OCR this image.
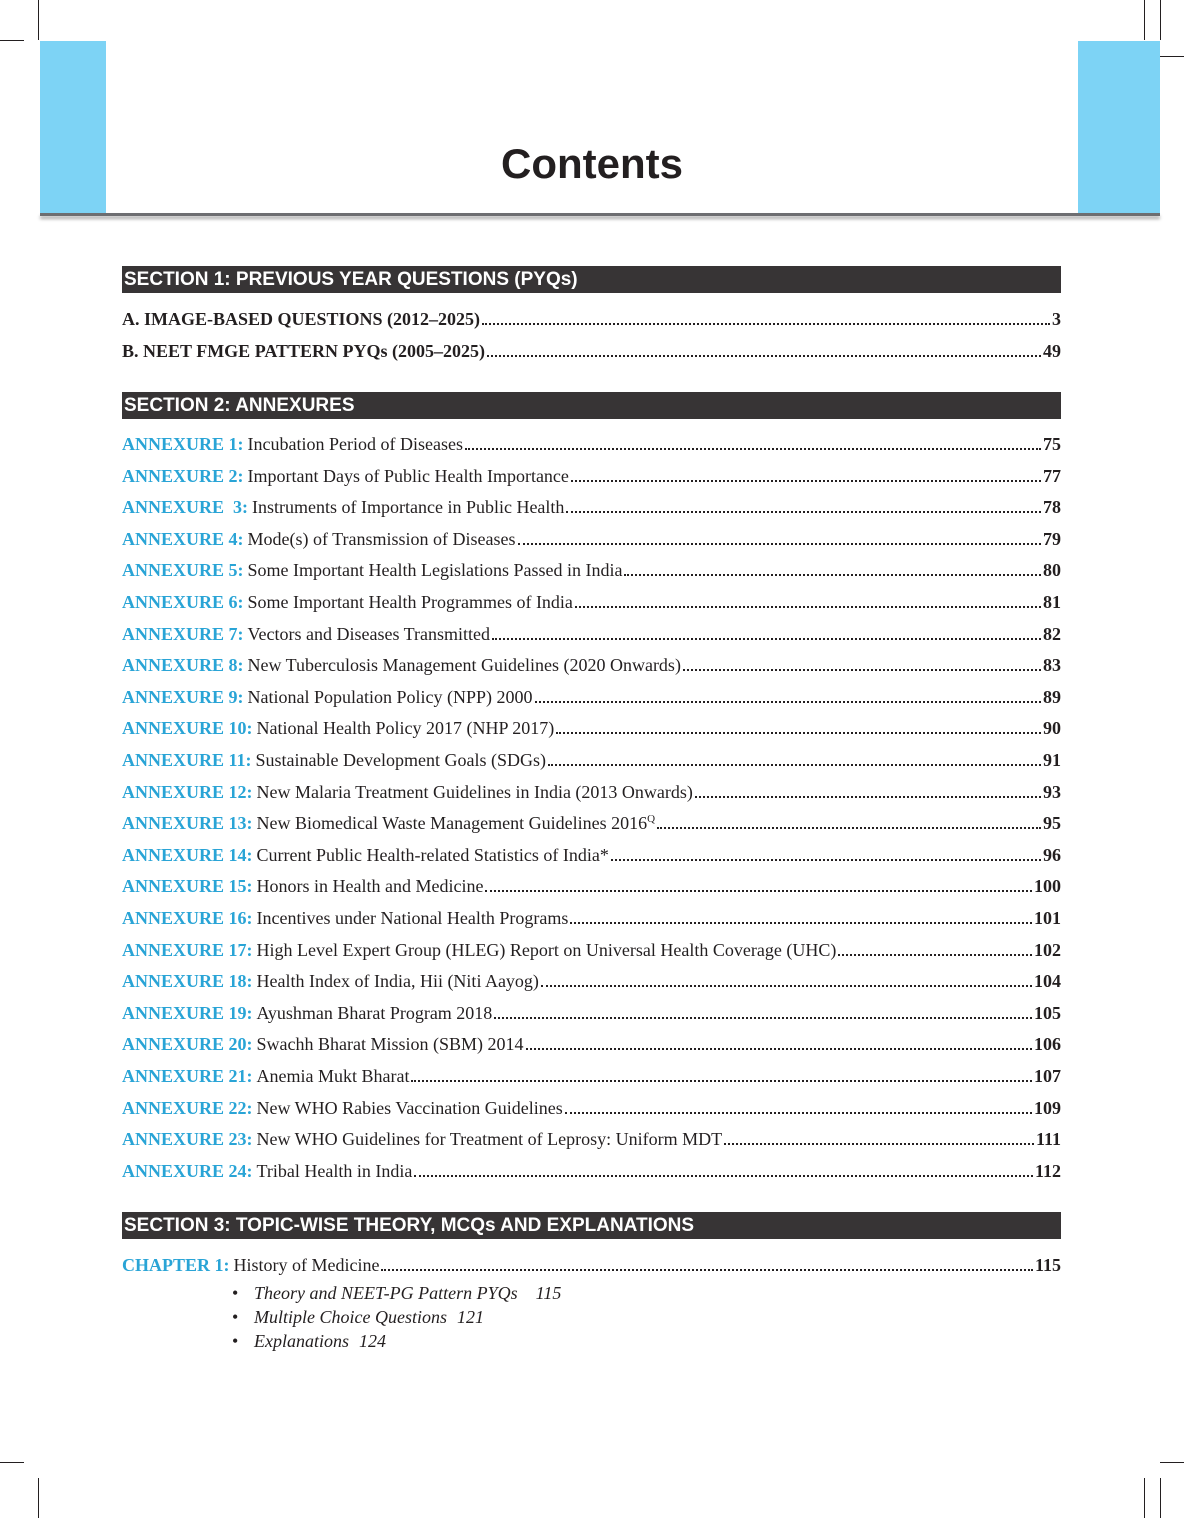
Contents
SECTION 1: PREVIOUS YEAR QUESTIONS (PYQs)
A. IMAGE-BASED QUESTIONS (2012–2025)	3
B. NEET FMGE PATTERN PYQs (2005–2025)	49
SECTION 2: ANNEXURES
ANNEXURE 1: Incubation Period of Diseases	75
ANNEXURE 2: Important Days of Public Health Importance	77
ANNEXURE  3: Instruments of Importance in Public Health	78
ANNEXURE 4: Mode(s) of Transmission of Diseases	79
ANNEXURE 5: Some Important Health Legislations Passed in India	80
ANNEXURE 6: Some Important Health Programmes of India	81
ANNEXURE 7: Vectors and Diseases Transmitted	82
ANNEXURE 8: New Tuberculosis Management Guidelines (2020 Onwards)	83
ANNEXURE 9: National Population Policy (NPP) 2000	89
ANNEXURE 10: National Health Policy 2017 (NHP 2017)	90
ANNEXURE 11: Sustainable Development Goals (SDGs)	91
ANNEXURE 12: New Malaria Treatment Guidelines in India (2013 Onwards)	93
ANNEXURE 13: New Biomedical Waste Management Guidelines 2016 Q	95
ANNEXURE 14: Current Public Health-related Statistics of India*	96
ANNEXURE 15: Honors in Health and Medicine	100
ANNEXURE 16: Incentives under National Health Programs	101
ANNEXURE 17: High Level Expert Group (HLEG) Report on Universal Health Coverage (UHC)	102
ANNEXURE 18: Health Index of India, Hii (Niti Aayog)	104
ANNEXURE 19: Ayushman Bharat Program 2018	105
ANNEXURE 20: Swachh Bharat Mission (SBM) 2014	106
ANNEXURE 21: Anemia Mukt Bharat	107
ANNEXURE 22: New WHO Rabies Vaccination Guidelines	109
ANNEXURE 23: New WHO Guidelines for Treatment of Leprosy: Uniform MDT	111
ANNEXURE 24: Tribal Health in India	112
SECTION 3: TOPIC-WISE THEORY, MCQs AND EXPLANATIONS
CHAPTER 1: History of Medicine	115
• Theory and NEET-PG Pattern PYQs 115
• Multiple Choice Questions 121
• Explanations 124
